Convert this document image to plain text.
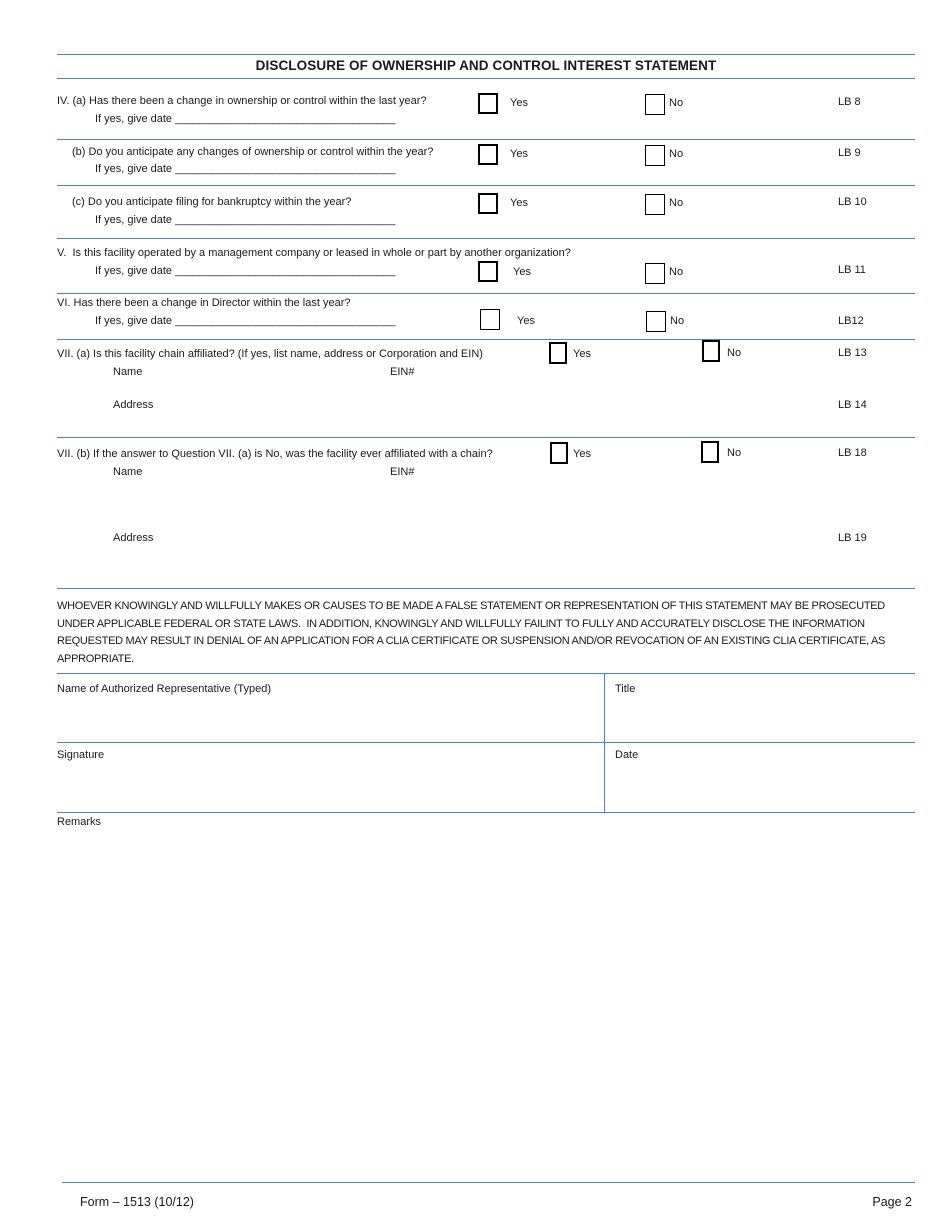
DISCLOSURE OF OWNERSHIP AND CONTROL INTEREST STATEMENT
IV. (a) Has there been a change in ownership or control within the last year?
If yes, give date ____________________________________
Yes	No	LB 8
(b) Do you anticipate any changes of ownership or control within the year?
If yes, give date ____________________________________
Yes	No	LB 9
(c) Do you anticipate filing for bankruptcy within the year?
If yes, give date ____________________________________
Yes	No	LB 10
V.  Is this facility operated by a management company or leased in whole or part by another organization?
If yes, give date ____________________________________	Yes	No	LB 11
VI. Has there been a change in Director within the last year?
If yes, give date ____________________________________	Yes	No	LB12
VII. (a) Is this facility chain affiliated? (If yes, list name, address or Corporation and EIN)	Yes	No	LB 13
Name	EIN#
Address	LB 14
VII. (b) If the answer to Question VII. (a) is No, was the facility ever affiliated with a chain?	Yes	No	LB 18
Name	EIN#
Address	LB 19
WHOEVER KNOWINGLY AND WILLFULLY MAKES OR CAUSES TO BE MADE A FALSE STATEMENT OR REPRESENTATION OF THIS STATEMENT MAY BE PROSECUTED UNDER APPLICABLE FEDERAL OR STATE LAWS.  IN ADDITION, KNOWINGLY AND WILLFULLY FAILINT TO FULLY AND ACCURATELY DISCLOSE THE INFORMATION REQUESTED MAY RESULT IN DENIAL OF AN APPLICATION FOR A CLIA CERTIFICATE OR SUSPENSION AND/OR REVOCATION OF AN EXISTING CLIA CERTIFICATE, AS APPROPRIATE.
Name of Authorized Representative (Typed)	Title
Signature	Date
Remarks
Form – 1513 (10/12)	Page 2
